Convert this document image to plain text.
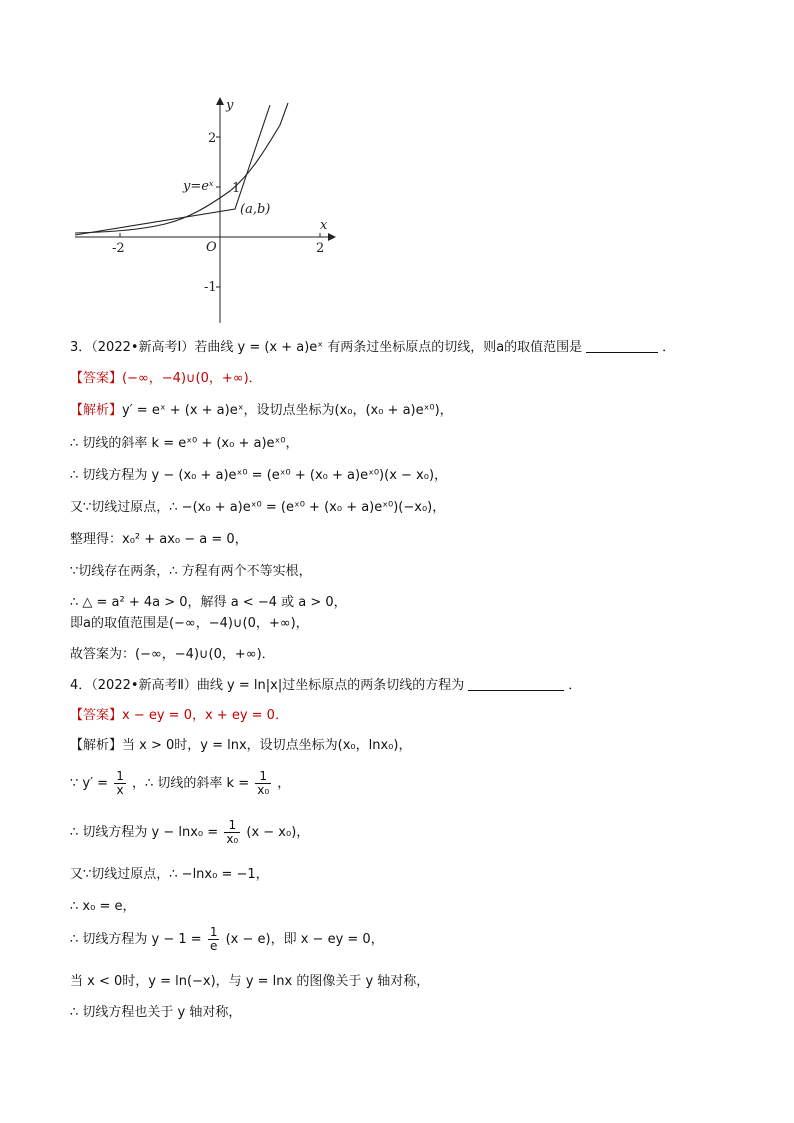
y
x
O
2
1
-1
-2	2
y=eˣ
(a,b)
3．（2022•新高考Ⅰ）若曲线 y = (x + a)eˣ 有两条过坐标原点的切线，则a的取值范围是	．
【答案】(−∞，−4)∪(0，+∞)．
【解析】y′ = eˣ + (x + a)eˣ，设切点坐标为(x₀，(x₀ + a)eˣ⁰)，
∴ 切线的斜率 k = eˣ⁰ + (x₀ + a)eˣ⁰，
∴ 切线方程为 y − (x₀ + a)eˣ⁰ = (eˣ⁰ + (x₀ + a)eˣ⁰)(x − x₀)，
又∵切线过原点，∴ −(x₀ + a)eˣ⁰ = (eˣ⁰ + (x₀ + a)eˣ⁰)(−x₀)，
整理得：x₀² + ax₀ − a = 0，
∵切线存在两条，∴ 方程有两个不等实根，
∴ △ = a² + 4a > 0，解得 a < −4 或 a > 0，
即a的取值范围是(−∞，−4)∪(0，+∞)，
故答案为：(−∞，−4)∪(0，+∞)．
4．（2022•新高考Ⅱ）曲线 y = ln|x|过坐标原点的两条切线的方程为	．
【答案】x − ey = 0，x + ey = 0．
【解析】当 x > 0时，y = lnx，设切点坐标为(x₀，lnx₀)，
∵ $y' = \frac{1}{x}$ ，∴ 切线的斜率 $k = \frac{1}{\text{x₀}}$ ，
∴ 切线方程为 $y - \ln x_0 = \frac{1}{\text{x₀}} (x - x_0)$，
又∵切线过原点，∴ −lnx₀ = −1，
∴ x₀ = e，
∴ 切线方程为 $y - 1 = \frac{1}{e} (x - e)$，即 x − ey = 0，
当 x < 0时，y = ln(−x)，与 y = lnx 的图像关于 y 轴对称，
∴ 切线方程也关于 y 轴对称，
